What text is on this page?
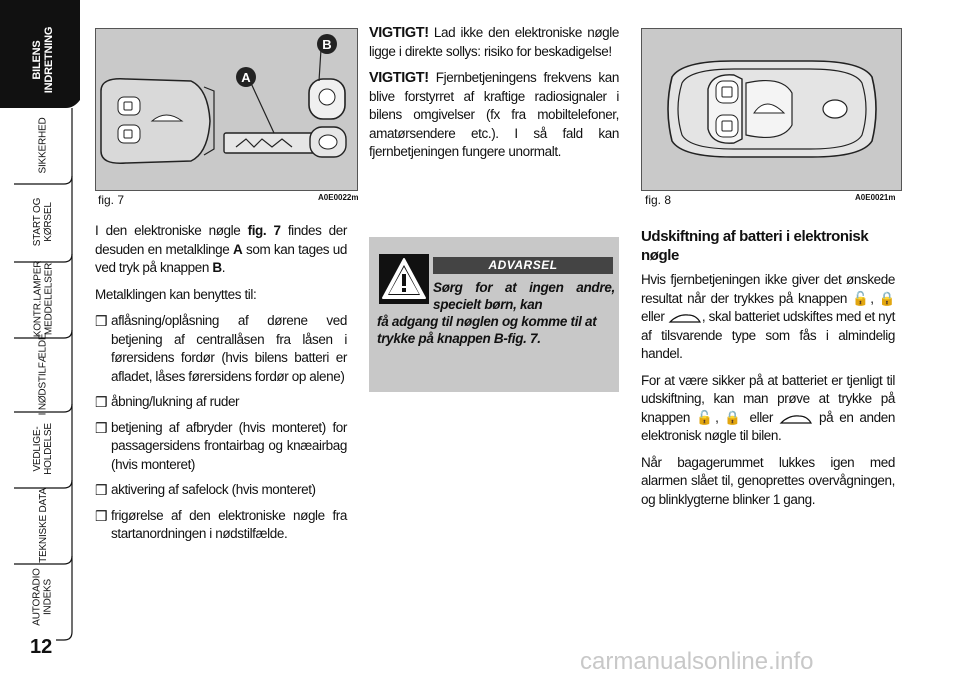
BILENS
INDRETNING
SIKKERHED
START OG
KØRSEL
KONTR.LAMPER
MEDDELELSER
I NØDSTILFÆLDE
VEDLIGE-
HOLDELSE
TEKNISKE DATA
AUTORADIO
INDEKS
12
B
A
fig. 7	A0E0022m	fig. 8	A0E0021m

I den elektroniske nøgle fig. 7 findes der desuden en metalklinge A som kan tages ud ved tryk på knappen B.

Metalklingen kan benyttes til:

❒ aflåsning/oplåsning af dørene ved betjening af centrallåsen fra låsen i førersidens fordør (hvis bilens batteri er afladet, låses førersidens fordør op alene)
❒ åbning/lukning af ruder
❒ betjening af afbryder (hvis monteret) for passagersidens frontairbag og knæairbag (hvis monteret)
❒ aktivering af safelock (hvis monteret)
❒ frigørelse af den elektroniske nøgle fra startanordningen i nødstilfælde.

VIGTIGT! Lad ikke den elektroniske nøgle ligge i direkte sollys: risiko for beskadigelse!

VIGTIGT! Fjernbetjeningens frekvens kan blive forstyrret af kraftige radiosignaler i bilens omgivelser (fx fra mobiltelefoner, amatørsendere etc.). I så fald kan fjernbetjeningen fungere unormalt.

ADVARSEL
Sørg for at ingen andre, specielt børn, kan
få adgang til nøglen og komme til at trykke på knappen B-fig. 7.
Udskiftning af batteri i elektronisk nøgle

Hvis fjernbetjeningen ikke giver det ønskede resultat når der trykkes på knappen 🔓, 🔒 eller	, skal batteriet udskiftes med et nyt af tilsvarende type som fås i almindelig handel.

For at være sikker på at batteriet er tjenligt til udskiftning, kan man prøve at trykke på knappen 🔓, 🔒 eller	på en anden elektronisk nøgle til bilen.

Når bagagerummet lukkes igen med alarmen slået til, genoprettes overvågningen, og blinklygterne blinker 1 gang.

carmanualsonline.info
